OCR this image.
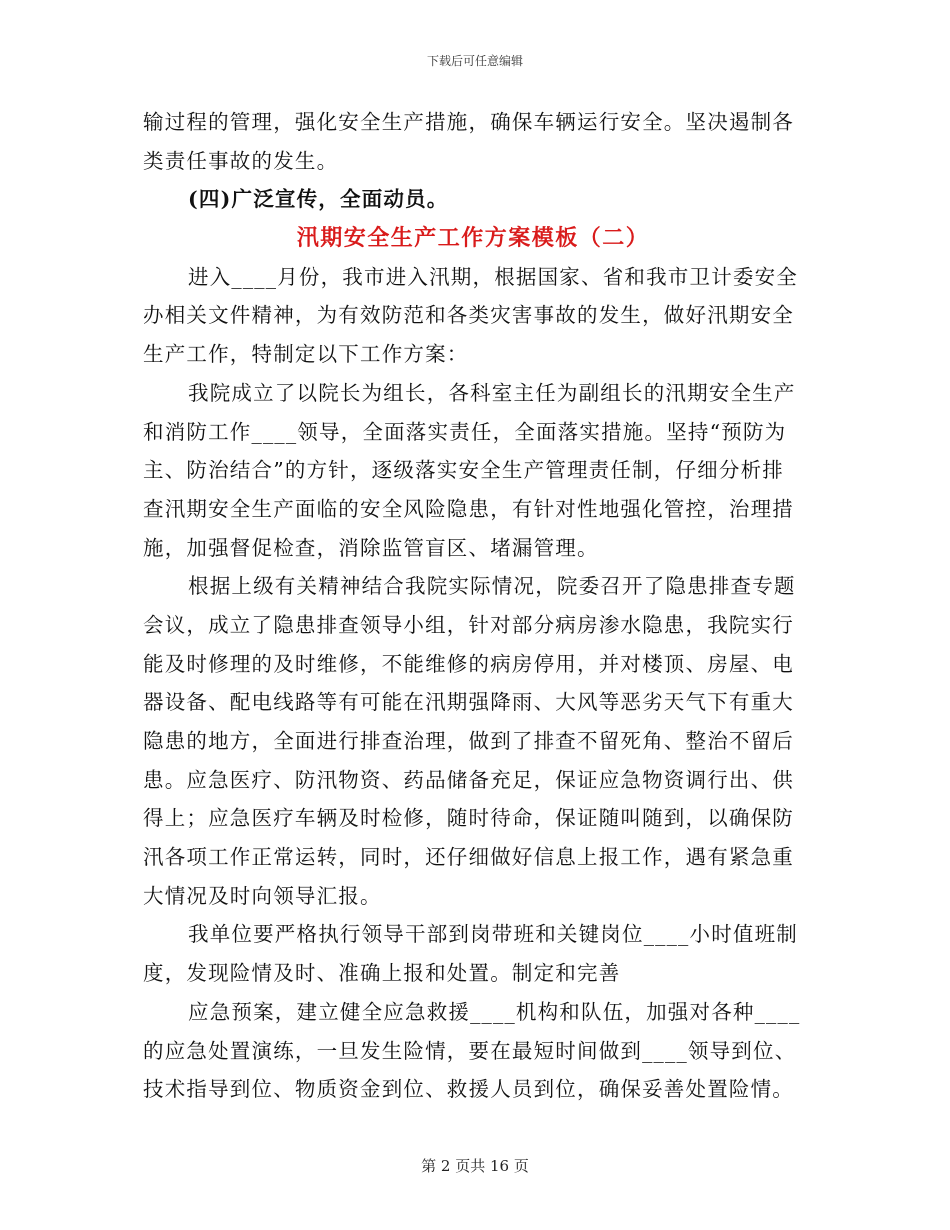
下载后可任意编辑
输过程的管理，强化安全生产措施，确保车辆运行安全。坚决遏制各
类责任事故的发生。
(四)广泛宣传，全面动员。
汛期安全生产工作方案模板（二）
进入____月份，我市进入汛期，根据国家、省和我市卫计委安全
办相关文件精神，为有效防范和各类灾害事故的发生，做好汛期安全
生产工作，特制定以下工作方案：
我院成立了以院长为组长，各科室主任为副组长的汛期安全生产
和消防工作____领导，全面落实责任，全面落实措施。坚持“预防为
主、防治结合”的方针，逐级落实安全生产管理责任制，仔细分析排
查汛期安全生产面临的安全风险隐患，有针对性地强化管控，治理措
施，加强督促检查，消除监管盲区、堵漏管理。
根据上级有关精神结合我院实际情况，院委召开了隐患排查专题
会议，成立了隐患排查领导小组，针对部分病房渗水隐患，我院实行
能及时修理的及时维修，不能维修的病房停用，并对楼顶、房屋、电
器设备、配电线路等有可能在汛期强降雨、大风等恶劣天气下有重大
隐患的地方，全面进行排查治理，做到了排查不留死角、整治不留后
患。应急医疗、防汛物资、药品储备充足，保证应急物资调行出、供
得上；应急医疗车辆及时检修，随时待命，保证随叫随到，以确保防
汛各项工作正常运转，同时，还仔细做好信息上报工作，遇有紧急重
大情况及时向领导汇报。
我单位要严格执行领导干部到岗带班和关键岗位____小时值班制
度，发现险情及时、准确上报和处置。制定和完善
应急预案，建立健全应急救援____机构和队伍，加强对各种____
的应急处置演练，一旦发生险情，要在最短时间做到____领导到位、
技术指导到位、物质资金到位、救援人员到位，确保妥善处置险情。
第 2 页共 16 页
